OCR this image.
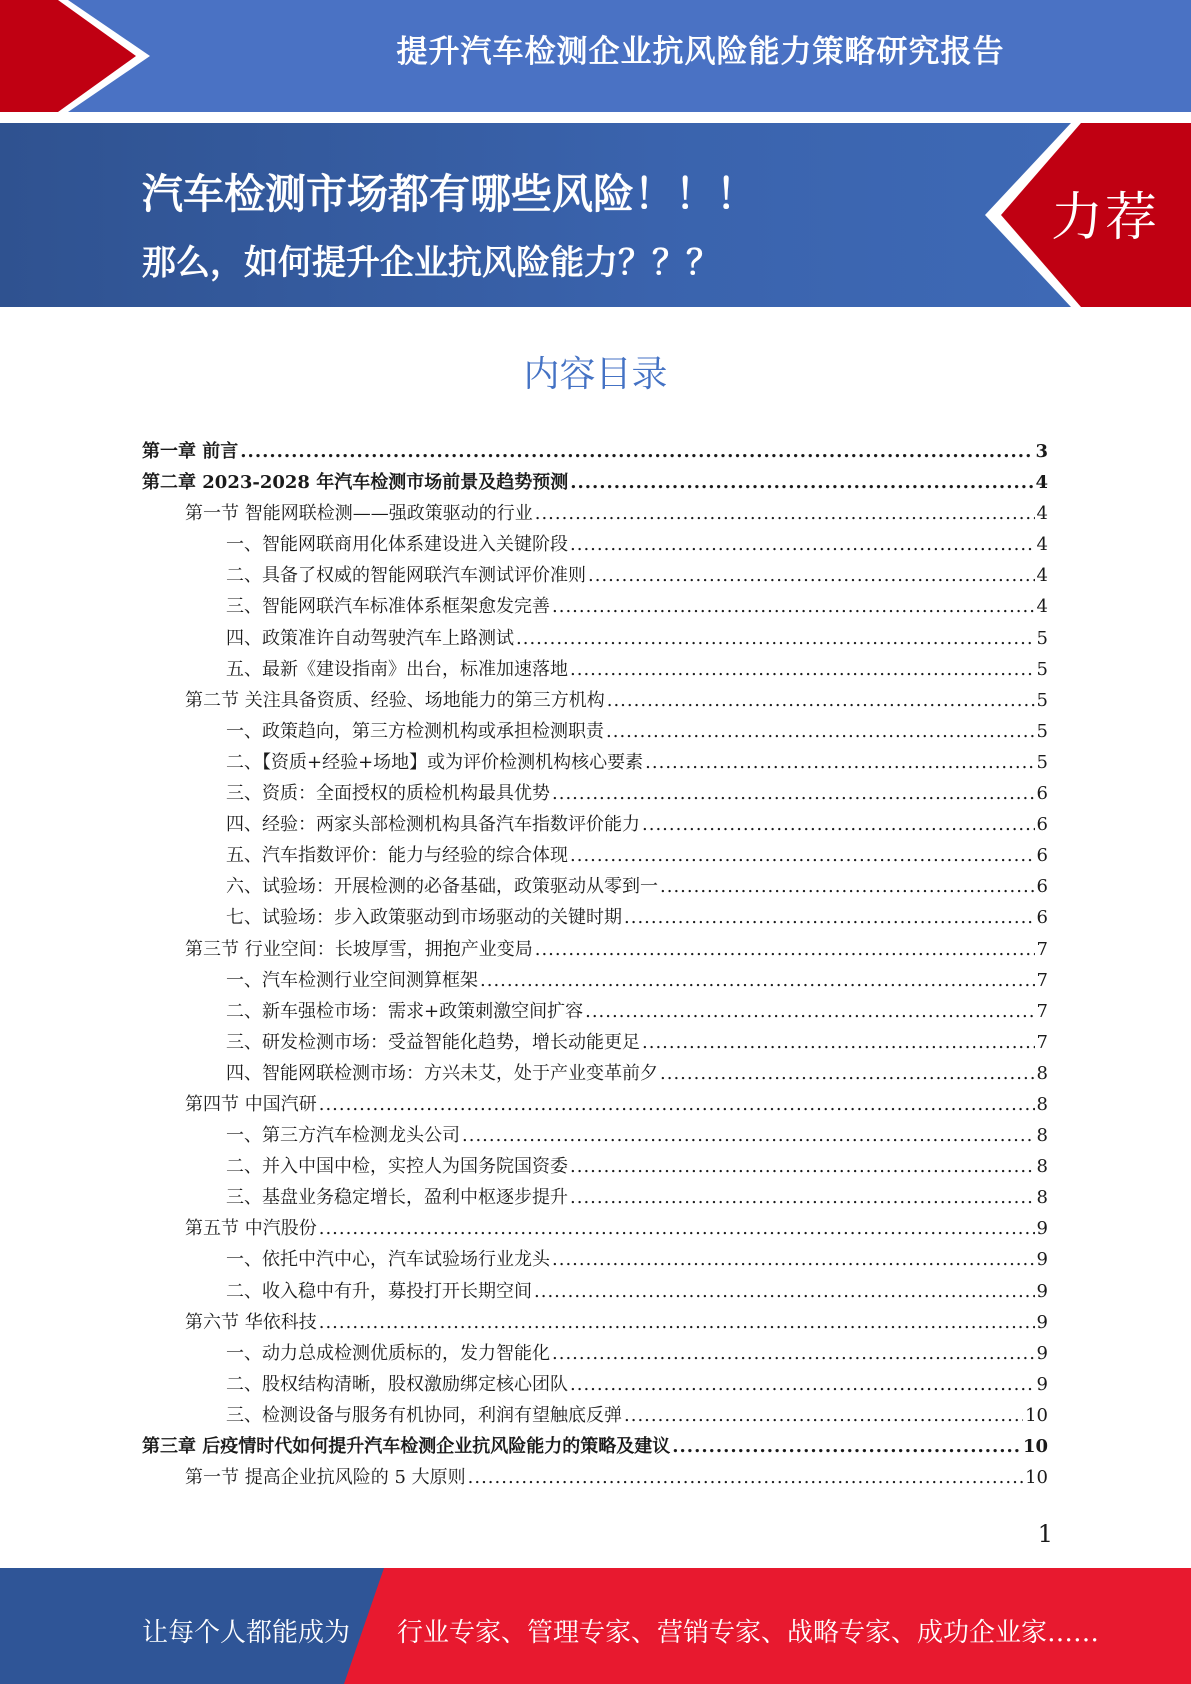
提升汽车检测企业抗风险能力策略研究报告
汽车检测市场都有哪些风险！！！
那么，如何提升企业抗风险能力？？？
力荐
内容目录
第一章 前言 .....	3
第二章 2023-2028 年汽车检测市场前景及趋势预测 .....	4
第一节 智能网联检测——强政策驱动的行业 .....	4
一、智能网联商用化体系建设进入关键阶段 .....	4
二、具备了权威的智能网联汽车测试评价准则 .....	4
三、智能网联汽车标准体系框架愈发完善 .....	4
四、政策准许自动驾驶汽车上路测试 .....	5
五、最新《建设指南》出台，标准加速落地 .....	5
第二节 关注具备资质、经验、场地能力的第三方机构 .....	5
一、政策趋向，第三方检测机构或承担检测职责 .....	5
二、【资质+经验+场地】或为评价检测机构核心要素 .....	5
三、资质：全面授权的质检机构最具优势 .....	6
四、经验：两家头部检测机构具备汽车指数评价能力 .....	6
五、汽车指数评价：能力与经验的综合体现 .....	6
六、试验场：开展检测的必备基础，政策驱动从零到一 .....	6
七、试验场：步入政策驱动到市场驱动的关键时期 .....	6
第三节 行业空间：长坡厚雪，拥抱产业变局 .....	7
一、汽车检测行业空间测算框架 .....	7
二、新车强检市场：需求+政策刺激空间扩容 .....	7
三、研发检测市场：受益智能化趋势，增长动能更足 .....	7
四、智能网联检测市场：方兴未艾，处于产业变革前夕 .....	8
第四节 中国汽研 .....	8
一、第三方汽车检测龙头公司 .....	8
二、并入中国中检，实控人为国务院国资委 .....	8
三、基盘业务稳定增长，盈利中枢逐步提升 .....	8
第五节 中汽股份 .....	9
一、依托中汽中心，汽车试验场行业龙头 .....	9
二、收入稳中有升，募投打开长期空间 .....	9
第六节 华依科技 .....	9
一、动力总成检测优质标的，发力智能化 .....	9
二、股权结构清晰，股权激励绑定核心团队 .....	9
三、检测设备与服务有机协同，利润有望触底反弹 .....	10
第三章 后疫情时代如何提升汽车检测企业抗风险能力的策略及建议 .....	10
第一节 提高企业抗风险的 5 大原则 .....	10
1
让每个人都能成为 行业专家、管理专家、营销专家、战略专家、成功企业家……
